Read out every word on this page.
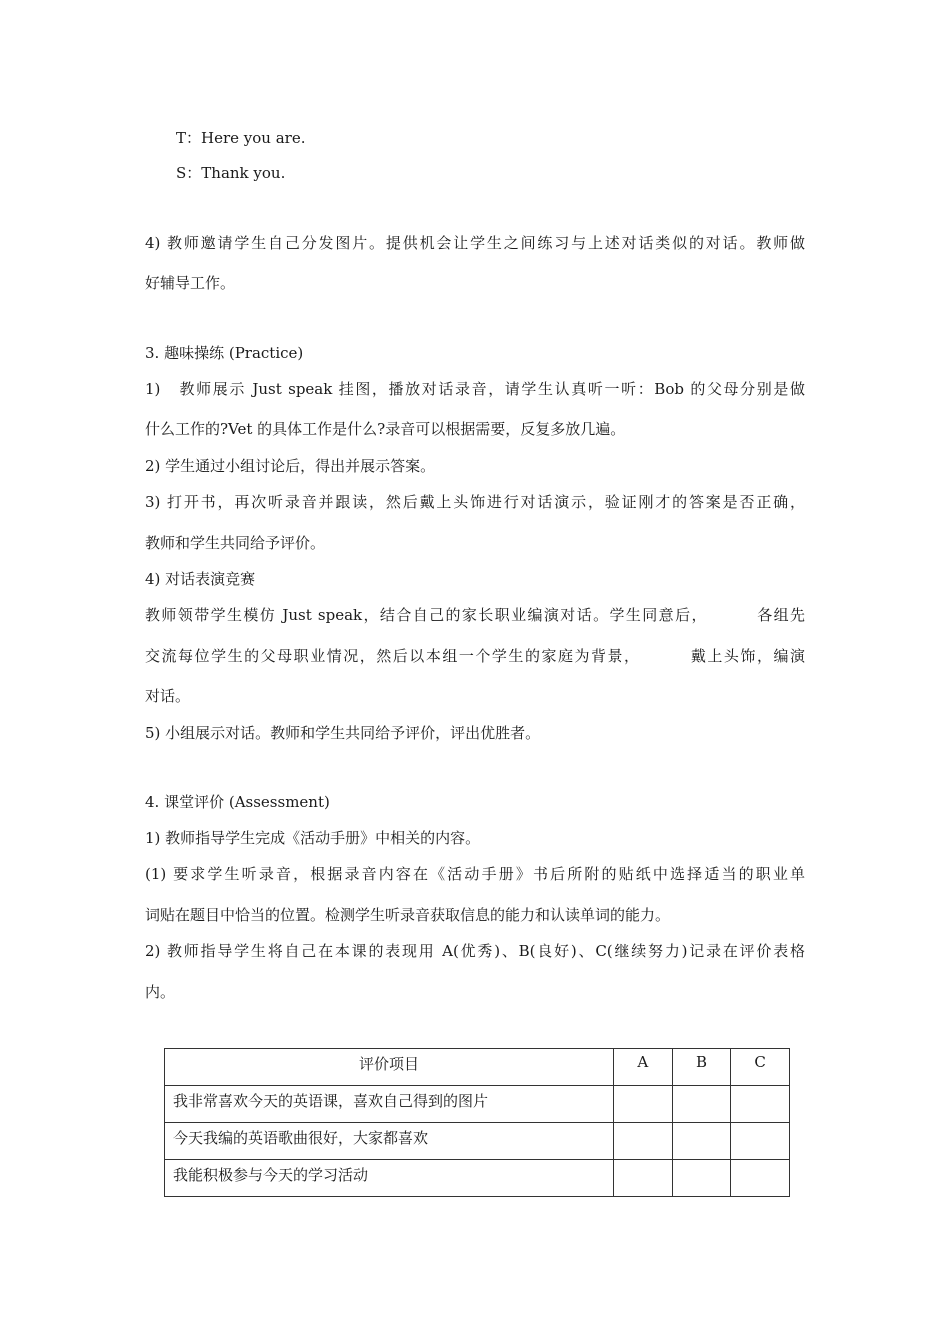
T：Here you are.
S：Thank you.
4) 教师邀请学生自己分发图片。提供机会让学生之间练习与上述对话类似的对话。教师做
好辅导工作。
3. 趣味操练 (Practice)
1)   教师展示 Just speak 挂图，播放对话录音，请学生认真听一听：Bob 的父母分别是做
什么工作的?Vet 的具体工作是什么?录音可以根据需要，反复多放几遍。
2) 学生通过小组讨论后，得出并展示答案。
3) 打开书，再次听录音并跟读，然后戴上头饰进行对话演示，验证刚才的答案是否正确，
教师和学生共同给予评价。
4) 对话表演竞赛
教师领带学生模仿 Just speak，结合自己的家长职业编演对话。学生同意后，        各组先
交流每位学生的父母职业情况，然后以本组一个学生的家庭为背景，        戴上头饰，编演
对话。
5) 小组展示对话。教师和学生共同给予评价，评出优胜者。
4. 课堂评价 (Assessment)
1) 教师指导学生完成《活动手册》中相关的内容。
(1) 要求学生听录音，根据录音内容在《活动手册》书后所附的贴纸中选择适当的职业单
词贴在题目中恰当的位置。检测学生听录音获取信息的能力和认读单词的能力。
2) 教师指导学生将自己在本课的表现用 A(优秀)、B(良好)、C(继续努力)记录在评价表格
内。
评价项目	A	B	C
我非常喜欢今天的英语课，喜欢自己得到的图片			
今天我编的英语歌曲很好，大家都喜欢			
我能积极参与今天的学习活动			
